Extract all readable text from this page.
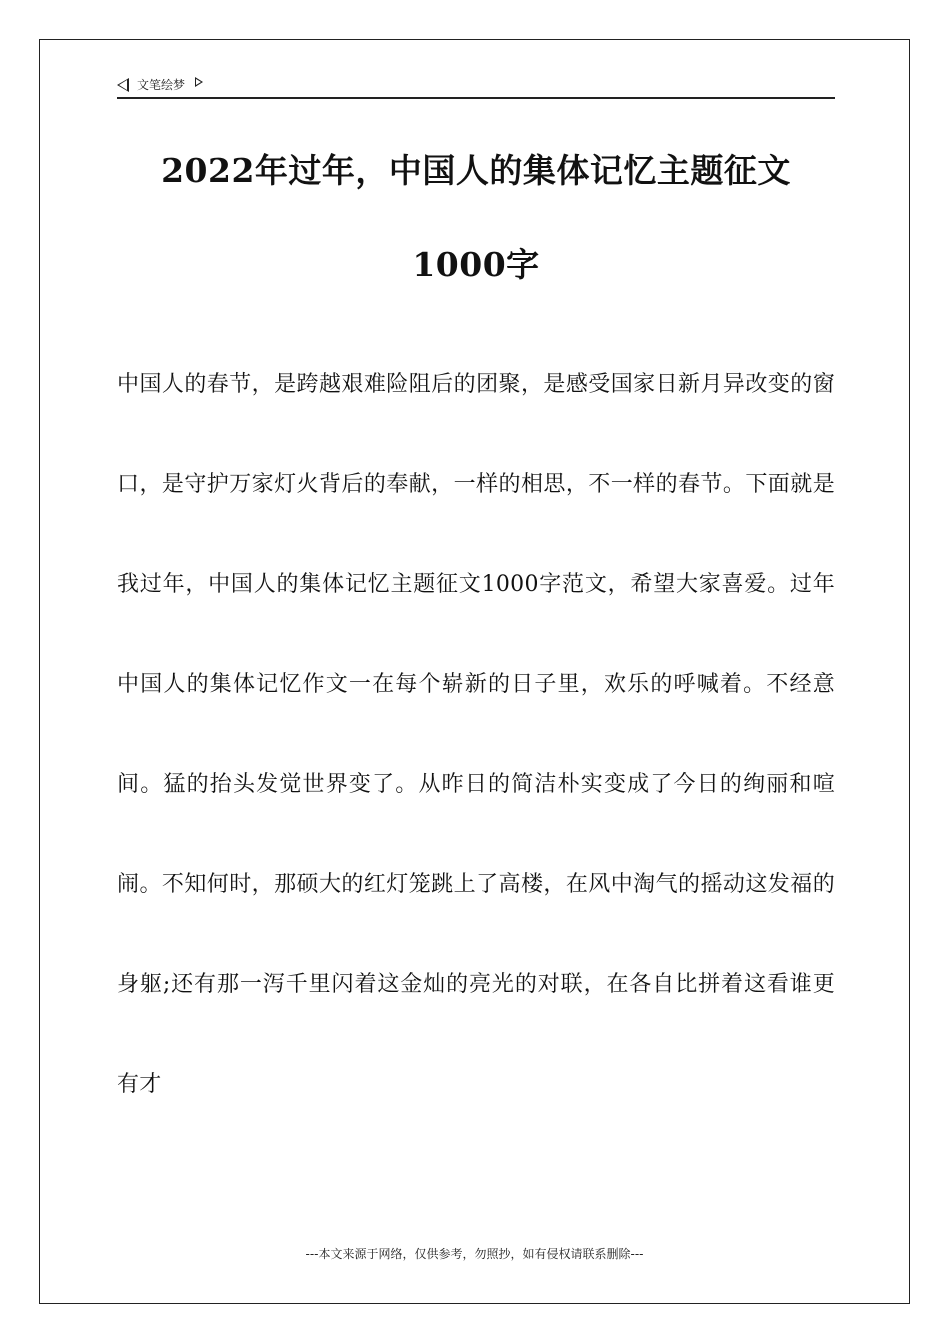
文笔绘梦
2022年过年，中国人的集体记忆主题征文1000字

中国人的春节，是跨越艰难险阻后的团聚，是感受国家日新月异改变的窗口，是守护万家灯火背后的奉献，一样的相思，不一样的春节。下面就是我过年，中国人的集体记忆主题征文1000字范文，希望大家喜爱。过年中国人的集体记忆作文一在每个崭新的日子里，欢乐的呼喊着。不经意间。猛的抬头发觉世界变了。从昨日的简洁朴实变成了今日的绚丽和喧闹。不知何时，那硕大的红灯笼跳上了高楼，在风中淘气的摇动这发福的身躯;还有那一泻千里闪着这金灿的亮光的对联，在各自比拼着这看谁更有才

---本文来源于网络，仅供参考，勿照抄，如有侵权请联系删除---
